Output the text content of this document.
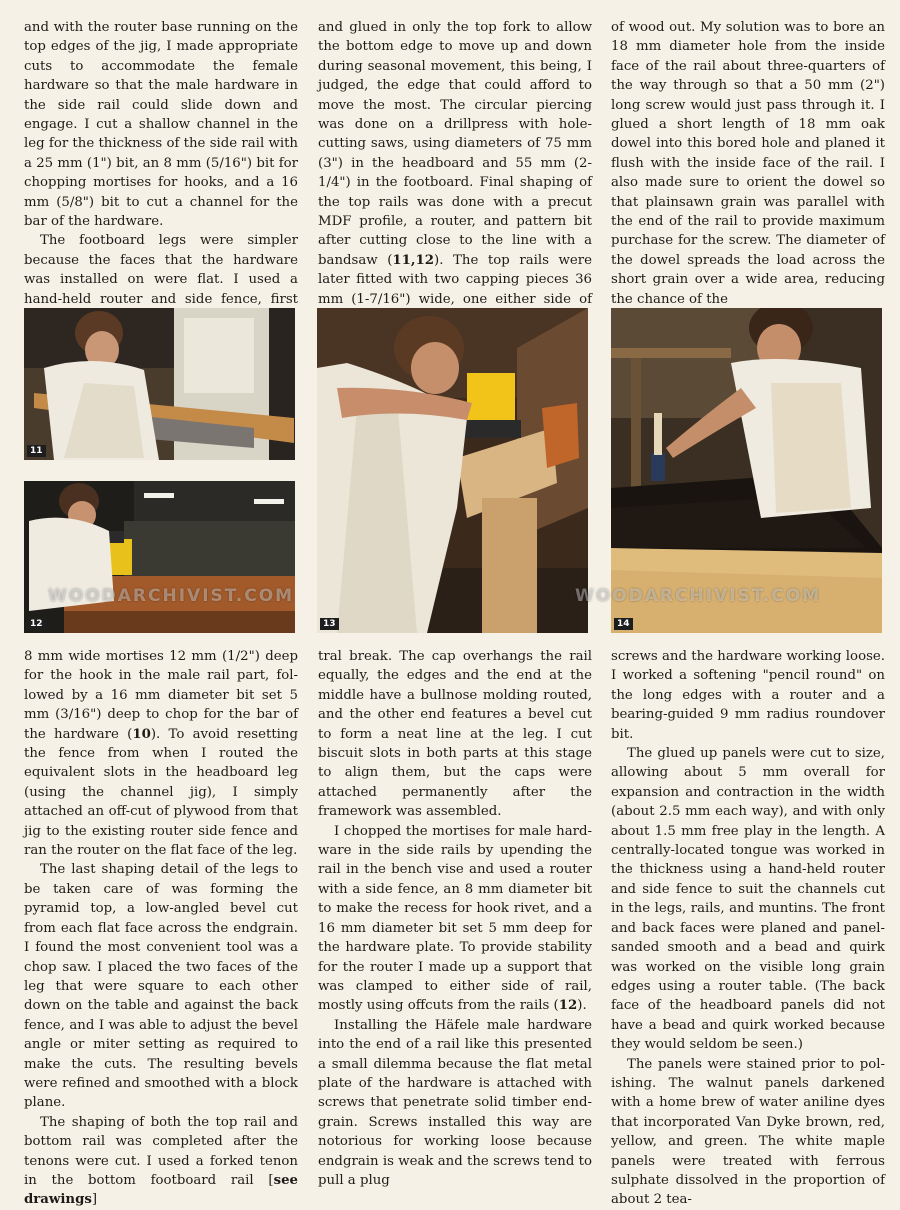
and with the router base running on the top edges of the jig, I made appropriate cuts to accommodate the female hardware so that the male hardware in the side rail could slide down and engage. I cut a shallow channel in the leg for the thickness of the side rail with a 25 mm (1") bit, an 8 mm (5/16") bit for chopping mortises for hooks, and a 16 mm (5/8") bit to cut a channel for the bar of the hardware.

The footboard legs were simpler because the faces that the hardware was installed on were flat. I used a hand-held router and side fence, first

and glued in only the top fork to allow the bottom edge to move up and down during seasonal movement, this being, I judged, the edge that could afford to move the most. The circular piercing was done on a drillpress with hole-cutting saws, using diameters of 75 mm (3") in the headboard and 55 mm (2-1/4") in the footboard. Final shaping of the top rails was done with a precut MDF profile, a router, and pattern bit after cutting close to the line with a bandsaw (11,12). The top rails were later fitted with two capping pieces 36 mm (1-7/16") wide, one either side of

of wood out. My solution was to bore an 18 mm diameter hole from the inside face of the rail about three-quarters of the way through so that a 50 mm (2") long screw would just pass through it. I glued a short length of 18 mm oak dowel into this bored hole and planed it flush with the inside face of the rail. I also made sure to orient the dowel so that plainsawn grain was parallel with the end of the rail to provide maximum purchase for the screw. The diameter of the dowel spreads the load across the short grain over a wide area, reducing the chance of the

11
12	13	14
WOODARCHIVIST.COM	WOODARCHIVIST.COM

8 mm wide mortises 12 mm (1/2") deep for the hook in the male rail part, followed by a 16 mm diameter bit set 5 mm (3/16") deep to chop for the bar of the hardware (10). To avoid resetting the fence from when I routed the equivalent slots in the headboard leg (using the channel jig), I simply attached an off-cut of plywood from that jig to the existing router side fence and ran the router on the flat face of the leg.

The last shaping detail of the legs to be taken care of was forming the pyramid top, a low-angled bevel cut from each flat face across the endgrain. I found the most convenient tool was a chop saw. I placed the two faces of the leg that were square to each other down on the table and against the back fence, and I was able to adjust the bevel angle or miter setting as required to make the cuts. The resulting bevels were refined and smoothed with a block plane.

The shaping of both the top rail and bottom rail was completed after the tenons were cut. I used a forked tenon in the bottom footboard rail [see drawings]

tral break. The cap overhangs the rail equally, the edges and the end at the middle have a bullnose molding routed, and the other end features a bevel cut to form a neat line at the leg. I cut biscuit slots in both parts at this stage to align them, but the caps were attached permanently after the framework was assembled.

I chopped the mortises for male hardware in the side rails by upending the rail in the bench vise and used a router with a side fence, an 8 mm diameter bit to make the recess for hook rivet, and a 16 mm diameter bit set 5 mm deep for the hardware plate. To provide stability for the router I made up a support that was clamped to either side of rail, mostly using offcuts from the rails (12).

Installing the Häfele male hardware into the end of a rail like this presented a small dilemma because the flat metal plate of the hardware is attached with screws that penetrate solid timber endgrain. Screws installed this way are notorious for working loose because endgrain is weak and the screws tend to pull a plug

screws and the hardware working loose. I worked a softening "pencil round" on the long edges with a router and a bearing-guided 9 mm radius roundover bit.

The glued up panels were cut to size, allowing about 5 mm overall for expansion and contraction in the width (about 2.5 mm each way), and with only about 1.5 mm free play in the length. A centrally-located tongue was worked in the thickness using a hand-held router and side fence to suit the channels cut in the legs, rails, and muntins. The front and back faces were planed and panel-sanded smooth and a bead and quirk was worked on the visible long grain edges using a router table. (The back face of the headboard panels did not have a bead and quirk worked because they would seldom be seen.)

The panels were stained prior to polishing. The walnut panels darkened with a home brew of water aniline dyes that incorporated Van Dyke brown, red, yellow, and green. The white maple panels were treated with ferrous sulphate dissolved in the proportion of about 2 tea-
